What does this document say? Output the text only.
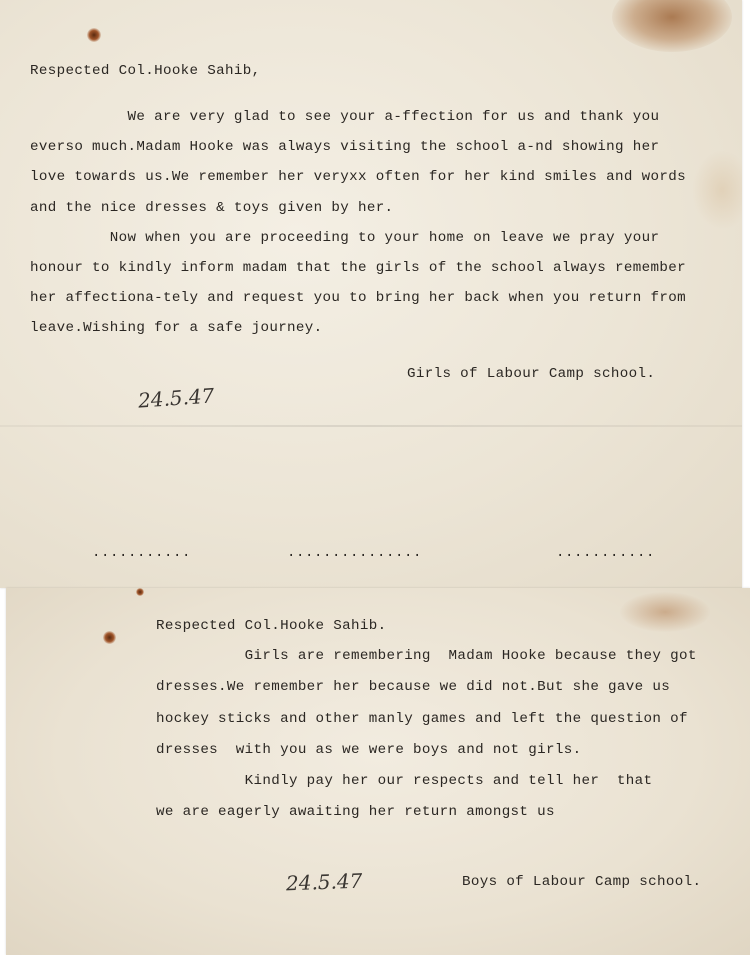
Respected Col.Hooke Sahib,
We are very glad to see your a-ffection for us and thank you
everso much.Madam Hooke was always visiting the school a-nd showing her
love towards us.We remember her veryxx often for her kind smiles and words
and the nice dresses & toys given by her.
Now when you are proceeding to your home on leave we pray your
honour to kindly inform madam that the girls of the school always remember
her affectiona-tely and request you to bring her back when you return from
leave.Wishing for a safe journey.
Girls of Labour Camp school.
24.5.47
...........	...............	...........
Respected Col.Hooke Sahib.
Girls are remembering  Madam Hooke because they got
dresses.We remember her because we did not.But she gave us
hockey sticks and other manly games and left the question of
dresses  with you as we were boys and not girls.
Kindly pay her our respects and tell her  that
we are eagerly awaiting her return amongst us
Boys of Labour Camp school.
24.5.47
